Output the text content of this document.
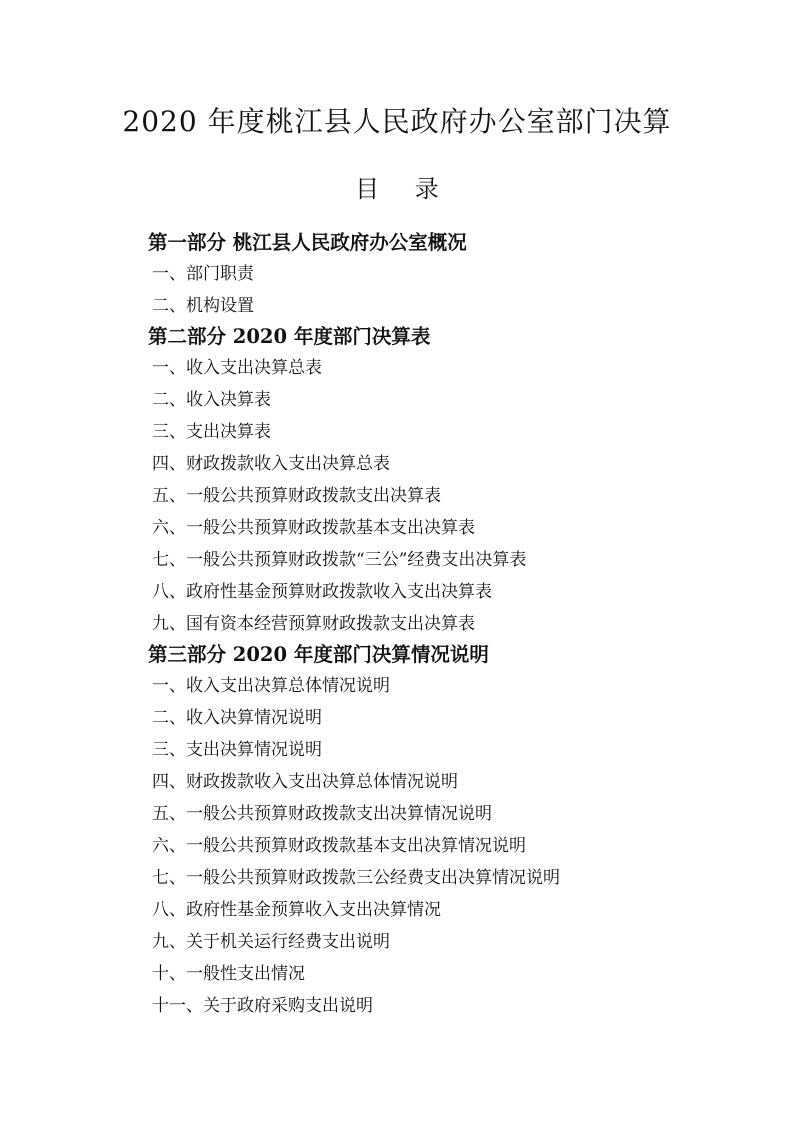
2020 年度桃江县人民政府办公室部门决算
目 录
第一部分 桃江县人民政府办公室概况
一、部门职责
二、机构设置
第二部分 2020 年度部门决算表
一、收入支出决算总表
二、收入决算表
三、支出决算表
四、财政拨款收入支出决算总表
五、一般公共预算财政拨款支出决算表
六、一般公共预算财政拨款基本支出决算表
七、一般公共预算财政拨款“三公”经费支出决算表
八、政府性基金预算财政拨款收入支出决算表
九、国有资本经营预算财政拨款支出决算表
第三部分 2020 年度部门决算情况说明
一、收入支出决算总体情况说明
二、收入决算情况说明
三、支出决算情况说明
四、财政拨款收入支出决算总体情况说明
五、一般公共预算财政拨款支出决算情况说明
六、一般公共预算财政拨款基本支出决算情况说明
七、一般公共预算财政拨款三公经费支出决算情况说明
八、政府性基金预算收入支出决算情况
九、关于机关运行经费支出说明
十、一般性支出情况
十一、关于政府采购支出说明
